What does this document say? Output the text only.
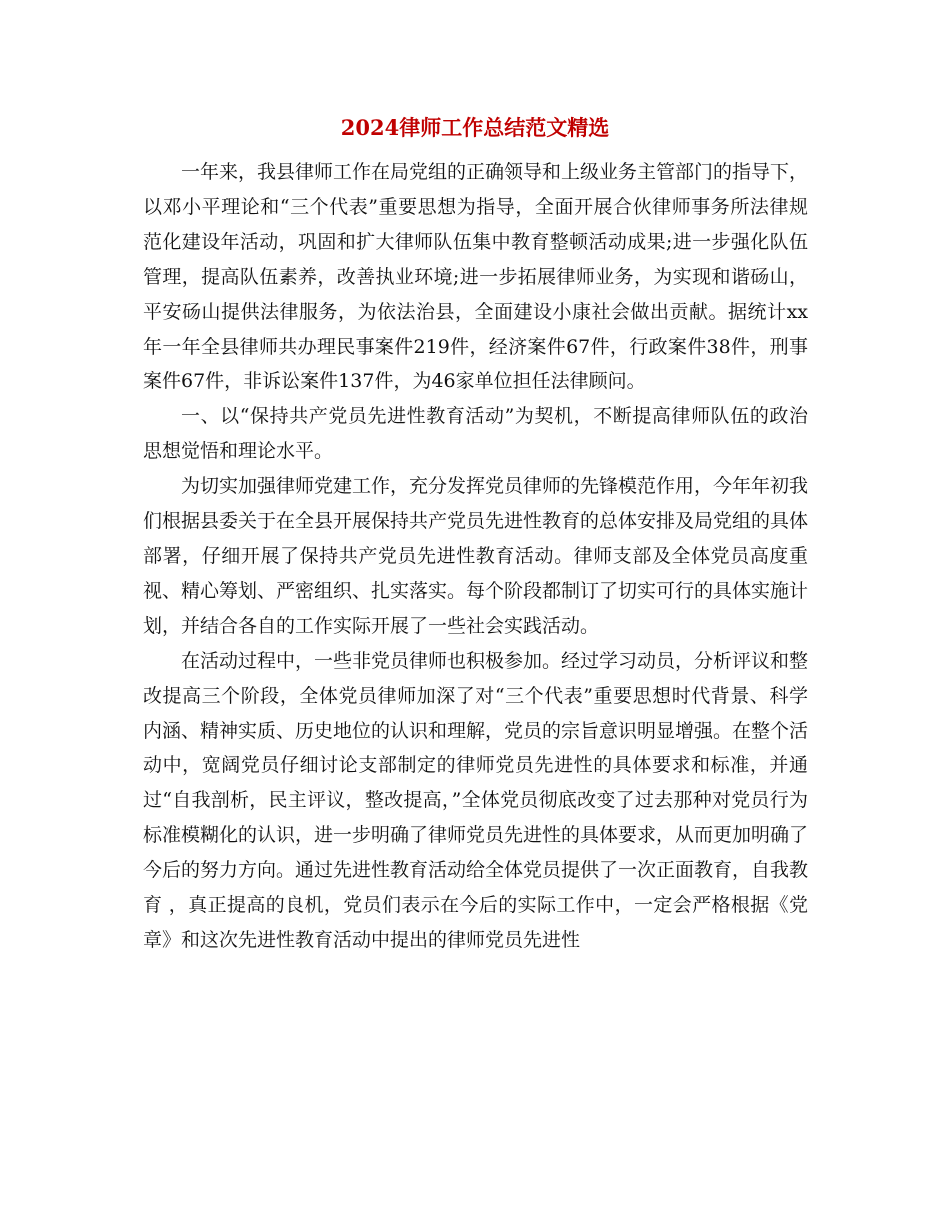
2024律师工作总结范文精选

一年来，我县律师工作在局党组的正确领导和上级业务主管部门的指导下，以邓小平理论和“三个代表”重要思想为指导，全面开展合伙律师事务所法律规范化建设年活动，巩固和扩大律师队伍集中教育整顿活动成果;进一步强化队伍管理，提高队伍素养，改善执业环境;进一步拓展律师业务，为实现和谐砀山，平安砀山提供法律服务，为依法治县，全面建设小康社会做出贡献。据统计xx年一年全县律师共办理民事案件219件，经济案件67件，行政案件38件，刑事案件67件，非诉讼案件137件，为46家单位担任法律顾问。

一、以“保持共产党员先进性教育活动”为契机，不断提高律师队伍的政治思想觉悟和理论水平。

为切实加强律师党建工作，充分发挥党员律师的先锋模范作用，今年年初我们根据县委关于在全县开展保持共产党员先进性教育的总体安排及局党组的具体部署，仔细开展了保持共产党员先进性教育活动。律师支部及全体党员高度重视、精心筹划、严密组织、扎实落实。每个阶段都制订了切实可行的具体实施计划，并结合各自的工作实际开展了一些社会实践活动。

在活动过程中，一些非党员律师也积极参加。经过学习动员，分析评议和整改提高三个阶段，全体党员律师加深了对“三个代表”重要思想时代背景、科学内涵、精神实质、历史地位的认识和理解，党员的宗旨意识明显增强。在整个活动中，宽阔党员仔细讨论支部制定的律师党员先进性的具体要求和标准，并通过“自我剖析，民主评议，整改提高，”全体党员彻底改变了过去那种对党员行为标准模糊化的认识，进一步明确了律师党员先进性的具体要求，从而更加明确了今后的努力方向。通过先进性教育活动给全体党员提供了一次正面教育，自我教育 ，真正提高的良机，党员们表示在今后的实际工作中，一定会严格根据《党章》和这次先进性教育活动中提出的律师党员先进性
